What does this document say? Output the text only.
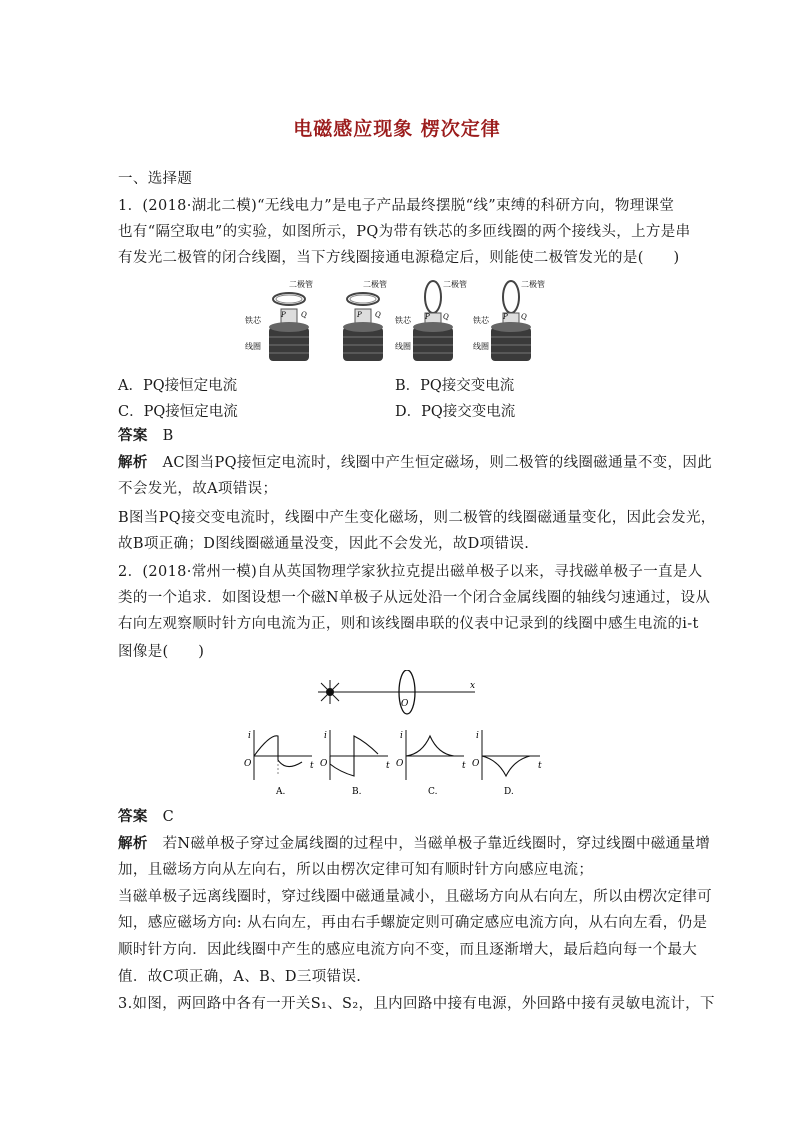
电磁感应现象 楞次定律
一、选择题
1．(2018·湖北二模)“无线电力”是电子产品最终摆脱“线”束缚的科研方向，物理课堂
也有“隔空取电”的实验，如图所示，PQ为带有铁芯的多匝线圈的两个接线头，上方是串
有发光二极管的闭合线圈，当下方线圈接通电源稳定后，则能使二极管发光的是(　　)
二极管
铁芯
线圈
P Q
二极管
P Q
二极管
铁芯
线圈
P Q
二极管
铁芯
线圈
P Q
A．PQ接恒定电流	B．PQ接交变电流
C．PQ接恒定电流	D．PQ接交变电流
答案  B
解析  AC图当PQ接恒定电流时，线圈中产生恒定磁场，则二极管的线圈磁通量不变，因此
不会发光，故A项错误；
B图当PQ接交变电流时，线圈中产生变化磁场，则二极管的线圈磁通量变化，因此会发光，
故B项正确；D图线圈磁通量没变，因此不会发光，故D项错误.
2．(2018·常州一模)自从英国物理学家狄拉克提出磁单极子以来，寻找磁单极子一直是人
类的一个追求．如图设想一个磁N单极子从远处沿一个闭合金属线圈的轴线匀速通过，设从
右向左观察顺时针方向电流为正，则和该线圈串联的仪表中记录到的线圈中感生电流的i-t
图像是(　　)
x
O
i
t
O
A.
i
t
O
B.
i
t
O
C.
i
t
O
D.
答案  C
解析  若N磁单极子穿过金属线圈的过程中，当磁单极子靠近线圈时，穿过线圈中磁通量增
加，且磁场方向从左向右，所以由楞次定律可知有顺时针方向感应电流；
当磁单极子远离线圈时，穿过线圈中磁通量减小，且磁场方向从右向左，所以由楞次定律可
知，感应磁场方向: 从右向左，再由右手螺旋定则可确定感应电流方向，从右向左看，仍是
顺时针方向．因此线圈中产生的感应电流方向不变，而且逐渐增大，最后趋向每一个最大
值．故C项正确，A、B、D三项错误.
3.如图，两回路中各有一开关S₁、S₂，且内回路中接有电源，外回路中接有灵敏电流计，下
